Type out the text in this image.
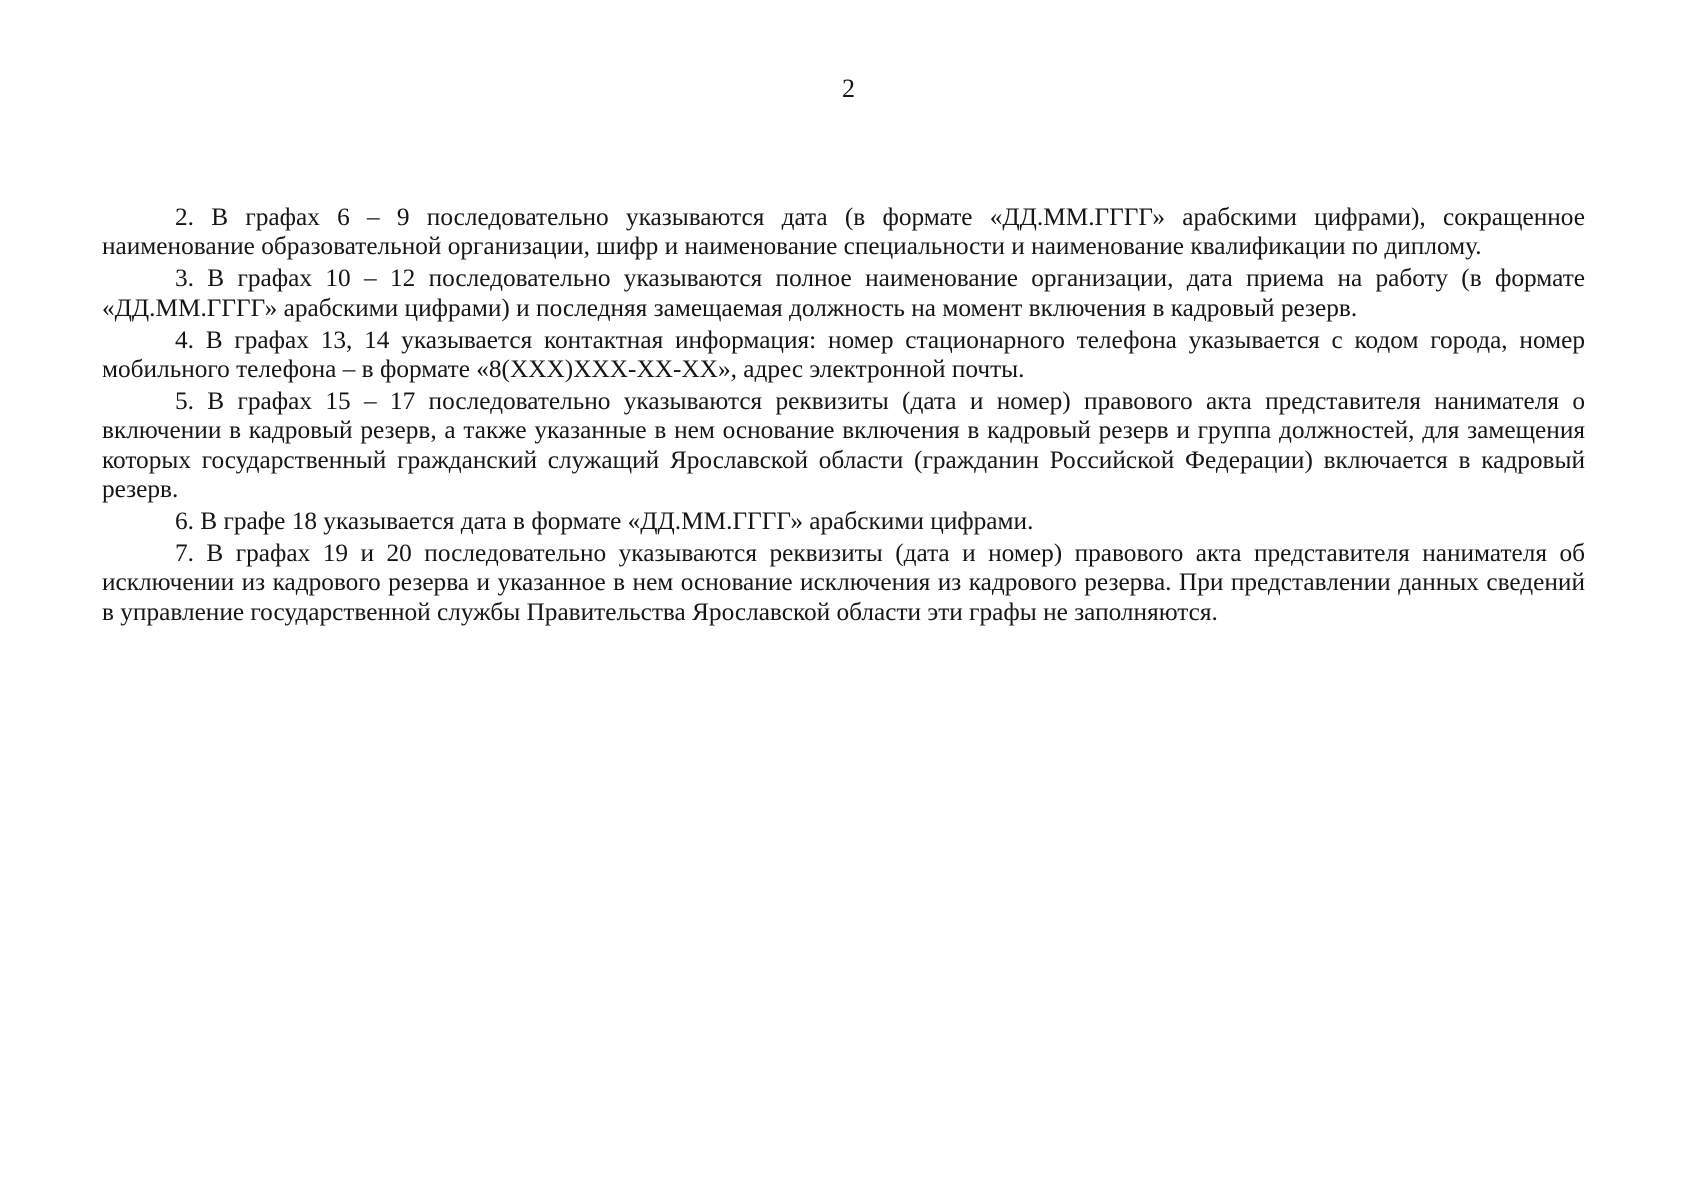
2

2. В графах 6 – 9 последовательно указываются дата (в формате «ДД.ММ.ГГГГ» арабскими цифрами), сокращенное наименование образовательной организации, шифр и наименование специальности и наименование квалификации по диплому.

3. В графах 10 – 12 последовательно указываются полное наименование организации, дата приема на работу (в формате «ДД.ММ.ГГГГ» арабскими цифрами) и последняя замещаемая должность на момент включения в кадровый резерв.

4. В графах 13, 14 указывается контактная информация: номер стационарного телефона указывается с кодом города, номер мобильного телефона – в формате «8(XXX)XXX-XX-XX», адрес электронной почты.

5. В графах 15 – 17 последовательно указываются реквизиты (дата и номер) правового акта представителя нанимателя о включении в кадровый резерв, а также указанные в нем основание включения в кадровый резерв и группа должностей, для замещения которых государственный гражданский служащий Ярославской области (гражданин Российской Федерации) включается в кадровый резерв.

6. В графе 18 указывается дата в формате «ДД.ММ.ГГГГ» арабскими цифрами.

7. В графах 19 и 20 последовательно указываются реквизиты (дата и номер) правового акта представителя нанимателя об исключении из кадрового резерва и указанное в нем основание исключения из кадрового резерва. При представлении данных сведений в управление государственной службы Правительства Ярославской области эти графы не заполняются.
